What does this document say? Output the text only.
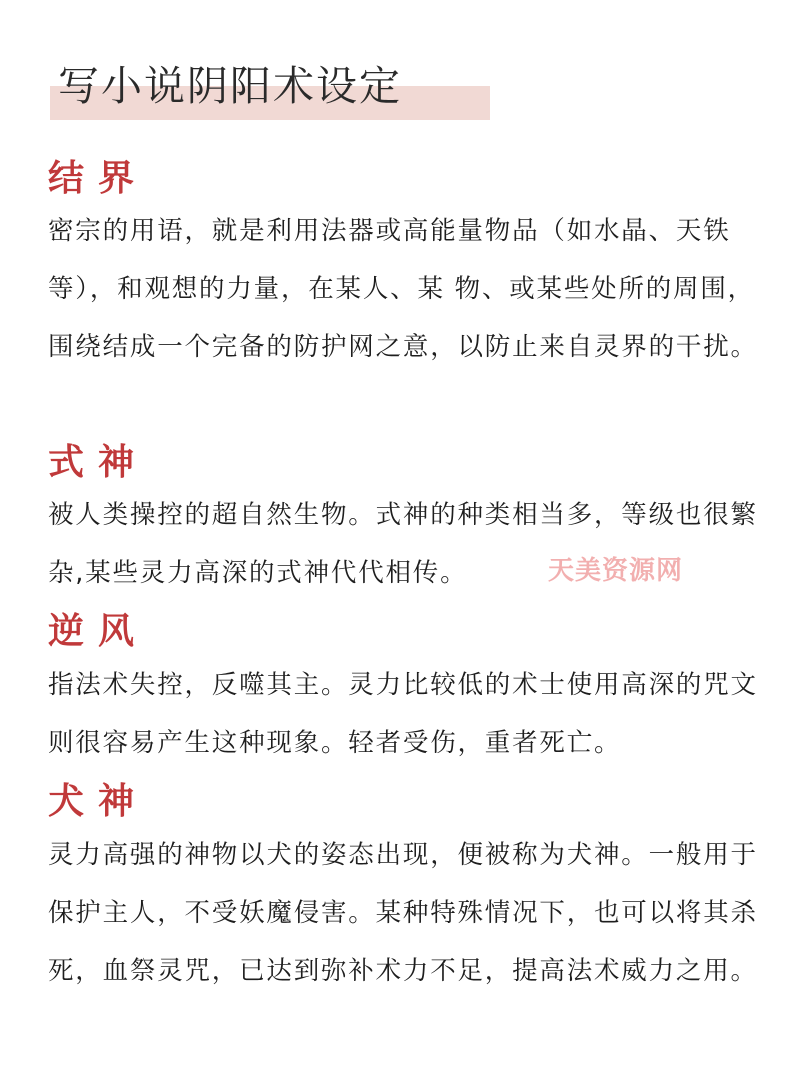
写小说阴阳术设定
结界

密宗的用语，就是利用法器或高能量物品（如水晶、天铁等），和观想的力量，在某人、某 物、或某些处所的周围，围绕结成一个完备的防护网之意，以防止来自灵界的干扰。

式神

被人类操控的超自然生物。式神的种类相当多，等级也很繁杂,某些灵力高深的式神代代相传。

逆风

指法术失控，反噬其主。灵力比较低的术士使用高深的咒文则很容易产生这种现象。轻者受伤，重者死亡。

犬神

灵力高强的神物以犬的姿态出现，便被称为犬神。一般用于保护主人，不受妖魔侵害。某种特殊情况下，也可以将其杀死，血祭灵咒，已达到弥补术力不足，提高法术威力之用。

天美资源网
